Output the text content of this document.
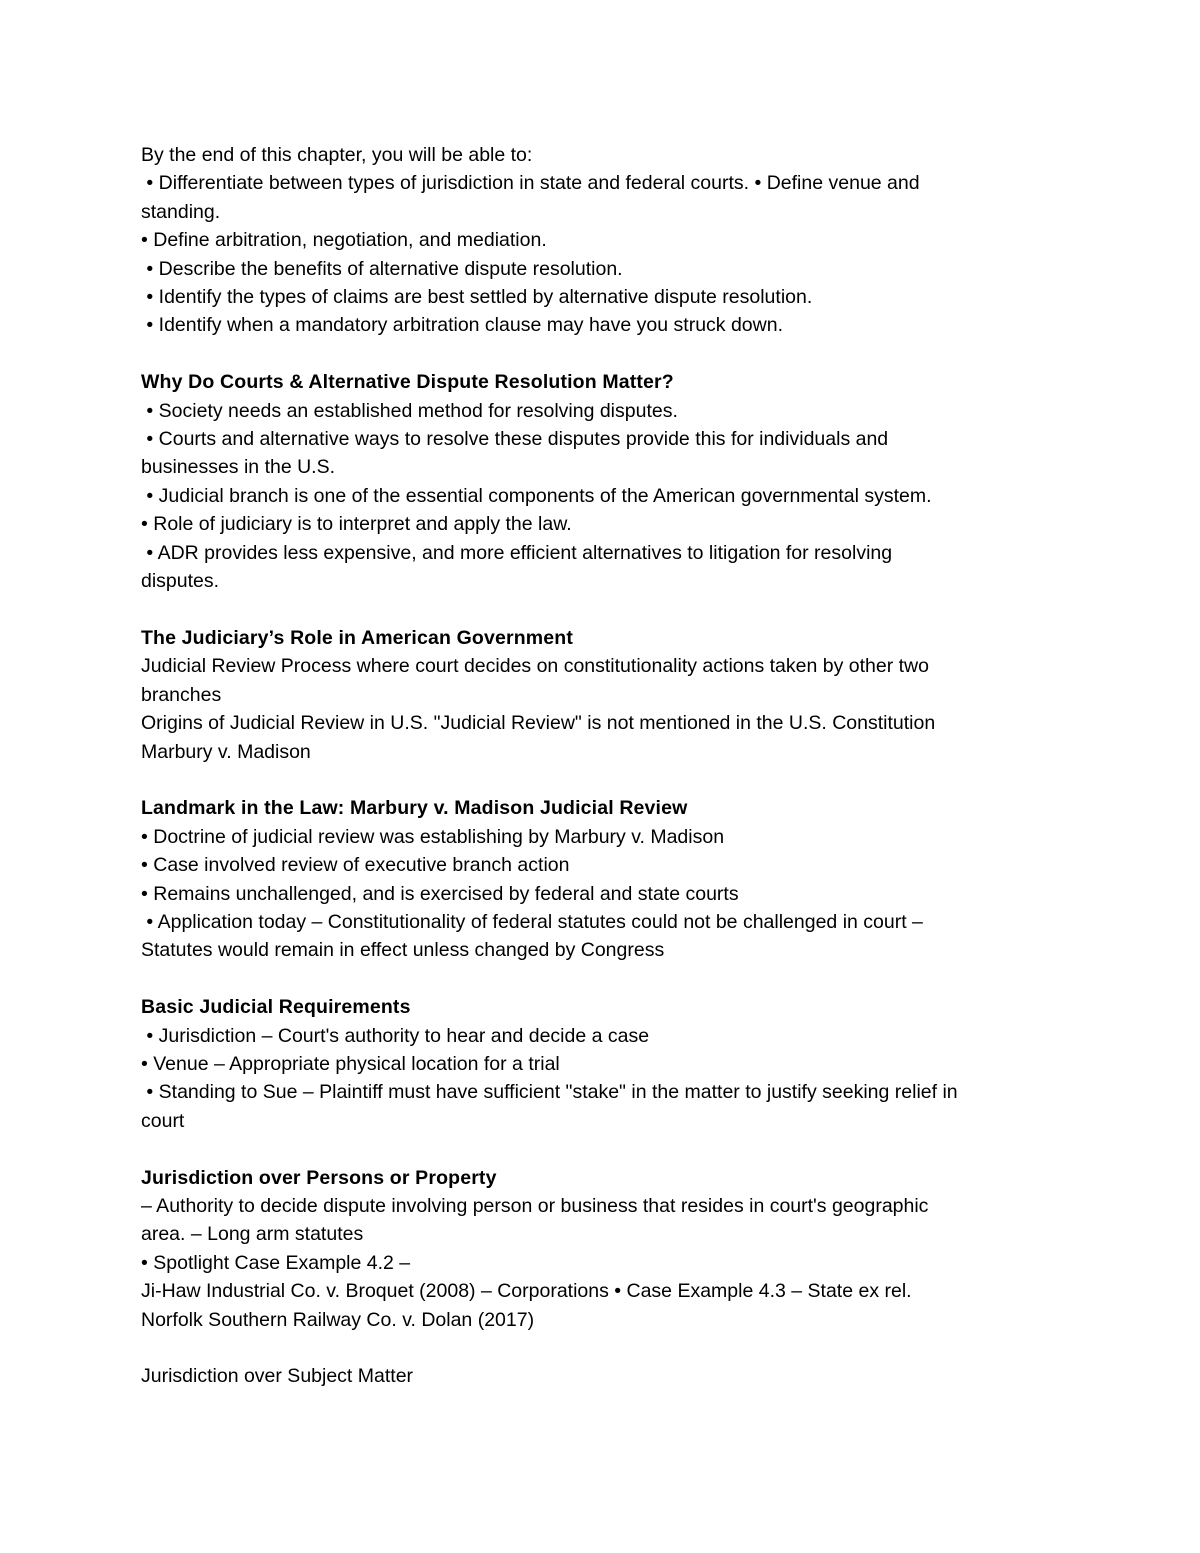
By the end of this chapter, you will be able to:

• Differentiate between types of jurisdiction in state and federal courts. • Define venue and

standing.

• Define arbitration, negotiation, and mediation.

• Describe the benefits of alternative dispute resolution.

• Identify the types of claims are best settled by alternative dispute resolution.

• Identify when a mandatory arbitration clause may have you struck down.

Why Do Courts & Alternative Dispute Resolution Matter?

• Society needs an established method for resolving disputes.

• Courts and alternative ways to resolve these disputes provide this for individuals and

businesses in the U.S.

• Judicial branch is one of the essential components of the American governmental system.

• Role of judiciary is to interpret and apply the law.

• ADR provides less expensive, and more efficient alternatives to litigation for resolving

disputes.

The Judiciary’s Role in American Government

Judicial Review Process where court decides on constitutionality actions taken by other two

branches

Origins of Judicial Review in U.S. "Judicial Review" is not mentioned in the U.S. Constitution

Marbury v. Madison

Landmark in the Law: Marbury v. Madison Judicial Review

• Doctrine of judicial review was establishing by Marbury v. Madison

• Case involved review of executive branch action

• Remains unchallenged, and is exercised by federal and state courts

• Application today – Constitutionality of federal statutes could not be challenged in court –

Statutes would remain in effect unless changed by Congress

Basic Judicial Requirements

• Jurisdiction – Court's authority to hear and decide a case

• Venue – Appropriate physical location for a trial

• Standing to Sue – Plaintiff must have sufficient "stake" in the matter to justify seeking relief in

court

Jurisdiction over Persons or Property

– Authority to decide dispute involving person or business that resides in court's geographic

area. – Long arm statutes

• Spotlight Case Example 4.2 –

Ji-Haw Industrial Co. v. Broquet (2008) – Corporations • Case Example 4.3 – State ex rel.

Norfolk Southern Railway Co. v. Dolan (2017)

Jurisdiction over Subject Matter
